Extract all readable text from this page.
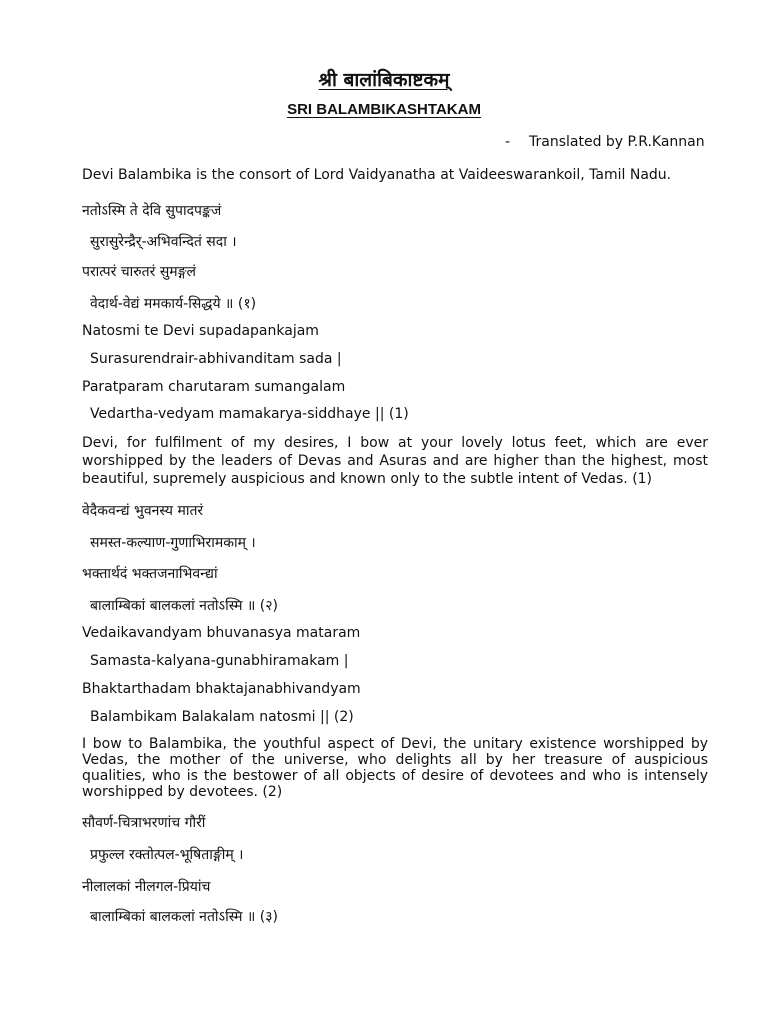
श्री बालांबिकाष्टकम्
SRI BALAMBIKASHTAKAM
- Translated by P.R.Kannan
Devi Balambika is the consort of Lord Vaidyanatha at Vaideeswarankoil, Tamil Nadu.
नतोऽस्मि ते देवि सुपादपङ्कजं
सुरासुरेन्द्रैर्-अभिवन्दितं सदा ।
परात्परं चारुतरं सुमङ्गलं
वेदार्थ-वेद्यं ममकार्य-सिद्धये ॥ (१)
Natosmi te Devi supadapankajam
Surasurendrair-abhivanditam sada |
Paratparam charutaram sumangalam
Vedartha-vedyam mamakarya-siddhaye || (1)
Devi, for fulfilment of my desires, I bow at your lovely lotus feet, which are ever worshipped by the leaders of Devas and Asuras and are higher than the highest, most beautiful, supremely auspicious and known only to the subtle intent of Vedas. (1)
वेदैकवन्द्यं भुवनस्य मातरं
समस्त-कल्याण-गुणाभिरामकाम् ।
भक्तार्थदं भक्तजनाभिवन्द्यां
बालाम्बिकां बालकलां नतोऽस्मि ॥ (२)
Vedaikavandyam bhuvanasya mataram
Samasta-kalyana-gunabhiramakam |
Bhaktarthadam bhaktajanabhivandyam
Balambikam Balakalam natosmi || (2)
I bow to Balambika, the youthful aspect of Devi, the unitary existence worshipped by Vedas, the mother of the universe, who delights all by her treasure of auspicious qualities, who is the bestower of all objects of desire of devotees and who is intensely worshipped by devotees. (2)
सौवर्ण-चित्राभरणांच गौरीं
प्रफुल्ल रक्तोत्पल-भूषिताङ्गीम् ।
नीलालकां नीलगल-प्रियांच
बालाम्बिकां बालकलां नतोऽस्मि ॥ (३)
